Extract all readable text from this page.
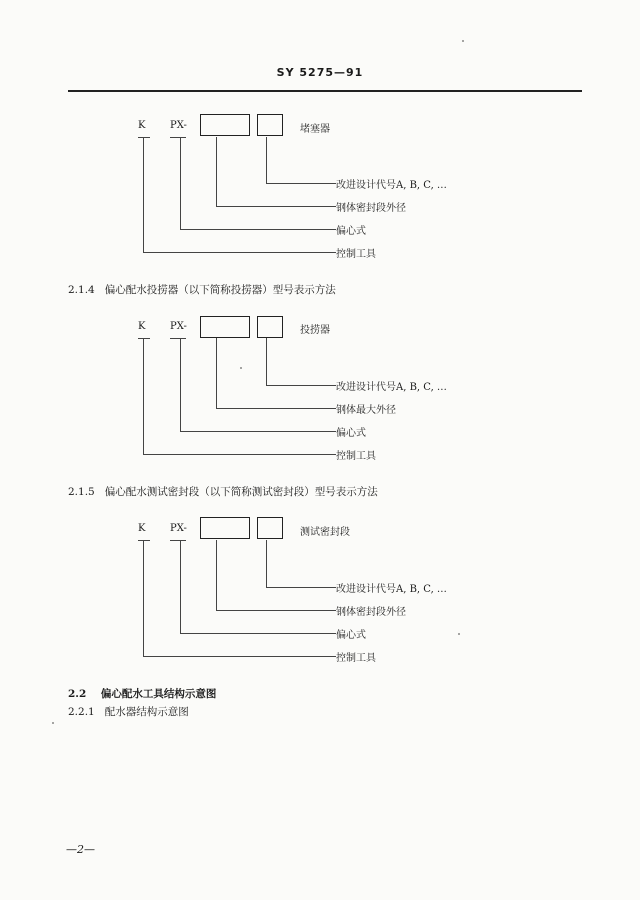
SY 5275—91
K PX-	堵塞器
改进设计代号A, B, C, …
钢体密封段外径
偏心式
控制工具
2.1.4 偏心配水投捞器（以下简称投捞器）型号表示方法
K PX-	投捞器
改进设计代号A, B, C, …
钢体最大外径
偏心式
控制工具
2.1.5 偏心配水测试密封段（以下简称测试密封段）型号表示方法
K PX-	测试密封段
改进设计代号A, B, C, …
钢体密封段外径
偏心式
控制工具
2.2 偏心配水工具结构示意图
2.2.1 配水器结构示意图
—2—
